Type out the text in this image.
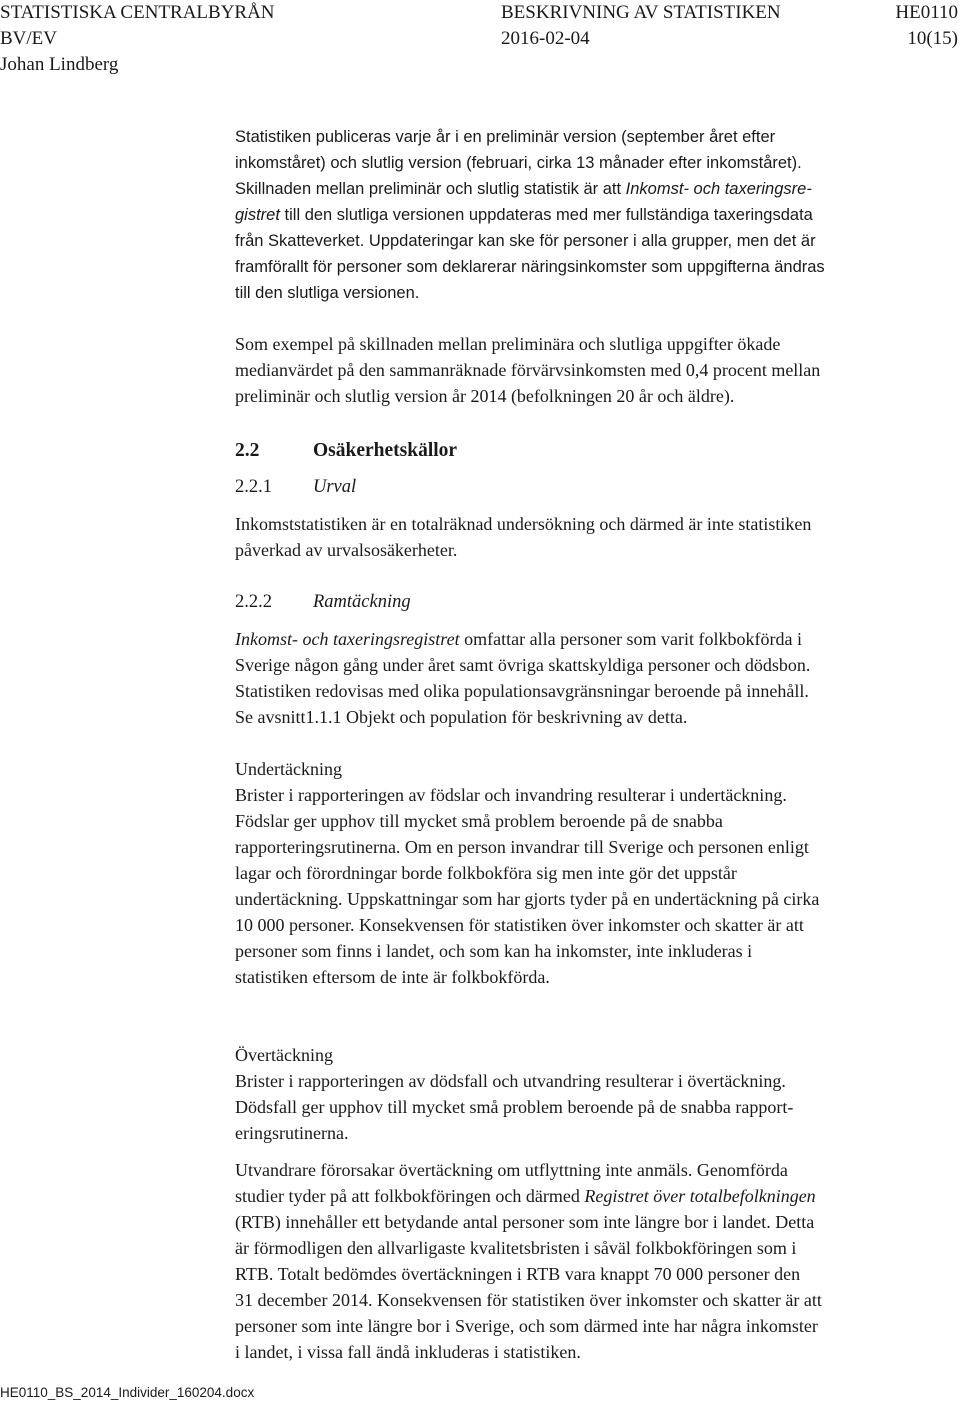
STATISTISKA CENTRALBYRÅN	BESKRIVNING AV STATISTIKEN	HE0110
BV/EV	2016-02-04	10(15)
Johan Lindberg
Statistiken publiceras varje år i en preliminär version (september året efter
inkomståret) och slutlig version (februari, cirka 13 månader efter inkomståret).
Skillnaden mellan preliminär och slutlig statistik är att Inkomst- och taxeringsre-
gistret till den slutliga versionen uppdateras med mer fullständiga taxeringsdata
från Skatteverket. Uppdateringar kan ske för personer i alla grupper, men det är
framförallt för personer som deklarerar näringsinkomster som uppgifterna ändras
till den slutliga versionen.
Som exempel på skillnaden mellan preliminära och slutliga uppgifter ökade
medianvärdet på den sammanräknade förvärvsinkomsten med 0,4 procent mellan
preliminär och slutlig version år 2014 (befolkningen 20 år och äldre).
2.2	Osäkerhetskällor
2.2.1 Urval
Inkomststatistiken är en totalräknad undersökning och därmed är inte statistiken
påverkad av urvalsosäkerheter.
2.2.2 Ramtäckning
Inkomst- och taxeringsregistret omfattar alla personer som varit folkbokförda i
Sverige någon gång under året samt övriga skattskyldiga personer och dödsbon.
Statistiken redovisas med olika populationsavgränsningar beroende på innehåll.
Se avsnitt1.1.1 Objekt och population för beskrivning av detta.
Undertäckning
Brister i rapporteringen av födslar och invandring resulterar i undertäckning.
Födslar ger upphov till mycket små problem beroende på de snabba
rapporteringsrutinerna. Om en person invandrar till Sverige och personen enligt
lagar och förordningar borde folkbokföra sig men inte gör det uppstår
undertäckning. Uppskattningar som har gjorts tyder på en undertäckning på cirka
10 000 personer. Konsekvensen för statistiken över inkomster och skatter är att
personer som finns i landet, och som kan ha inkomster, inte inkluderas i
statistiken eftersom de inte är folkbokförda.
Övertäckning
Brister i rapporteringen av dödsfall och utvandring resulterar i övertäckning.
Dödsfall ger upphov till mycket små problem beroende på de snabba rapport-
eringsrutinerna.
Utvandrare förorsakar övertäckning om utflyttning inte anmäls. Genomförda
studier tyder på att folkbokföringen och därmed Registret över totalbefolkningen
(RTB) innehåller ett betydande antal personer som inte längre bor i landet. Detta
är förmodligen den allvarligaste kvalitetsbristen i såväl folkbokföringen som i
RTB. Totalt bedömdes övertäckningen i RTB vara knappt 70 000 personer den
31 december 2014. Konsekvensen för statistiken över inkomster och skatter är att
personer som inte längre bor i Sverige, och som därmed inte har några inkomster
i landet, i vissa fall ändå inkluderas i statistiken.
HE0110_BS_2014_Individer_160204.docx
